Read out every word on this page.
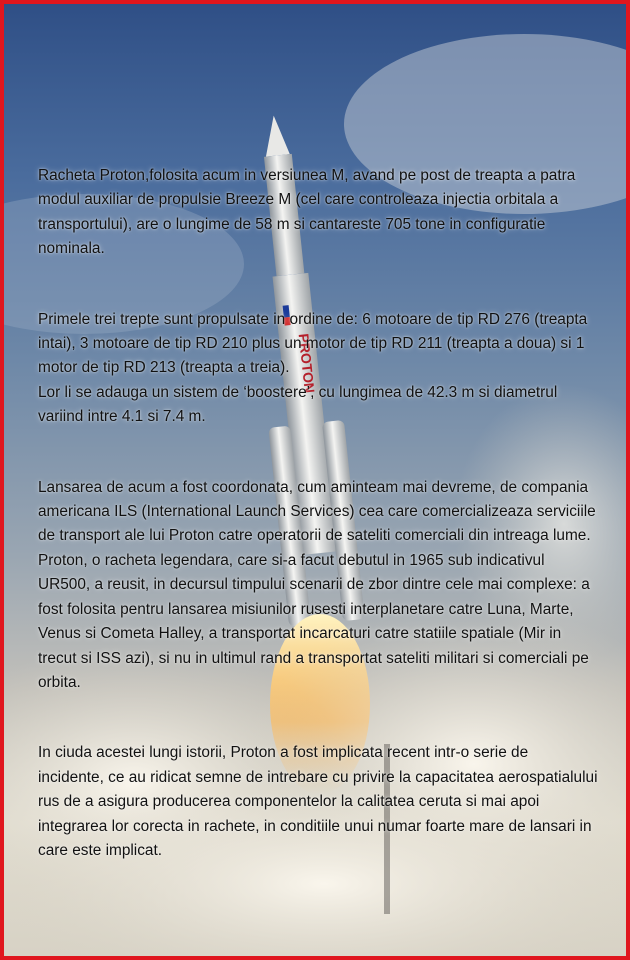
PROTON

Racheta Proton,folosita acum in versiunea M, avand pe post de treapta a patra modul auxiliar de propulsie Breeze M (cel care controleaza injectia orbitala a transportului), are o lungime de 58 m si cantareste 705 tone in configuratie nominala.

Primele trei trepte sunt propulsate in ordine de: 6 motoare de tip RD 276 (treapta intai), 3 motoare de tip RD 210 plus un motor de tip RD 211 (treapta a doua) si 1 motor de tip RD 213 (treapta a treia).
Lor li se adauga un sistem de ‘boostere’, cu lungimea de 42.3 m si diametrul variind intre 4.1 si 7.4 m.

Lansarea de acum a fost coordonata, cum aminteam mai devreme, de compania americana ILS (International Launch Services) cea care comercializeaza serviciile de transport ale lui Proton catre operatorii de sateliti comerciali din intreaga lume.
Proton, o racheta legendara, care si-a facut debutul in 1965 sub indicativul UR500, a reusit, in decursul timpului scenarii de zbor dintre cele mai complexe: a fost folosita pentru lansarea misiunilor rusesti interplanetare catre Luna, Marte, Venus si Cometa Halley, a transportat incarcaturi catre statiile spatiale (Mir in trecut si ISS azi), si nu in ultimul rand a transportat sateliti militari si comerciali pe orbita.

In ciuda acestei lungi istorii, Proton a fost implicata recent intr-o serie de incidente, ce au ridicat semne de intrebare cu privire la capacitatea aerospatialului rus de a asigura producerea componentelor la calitatea ceruta si mai apoi integrarea lor corecta in rachete, in conditiile unui numar foarte mare de lansari in care este implicat.
